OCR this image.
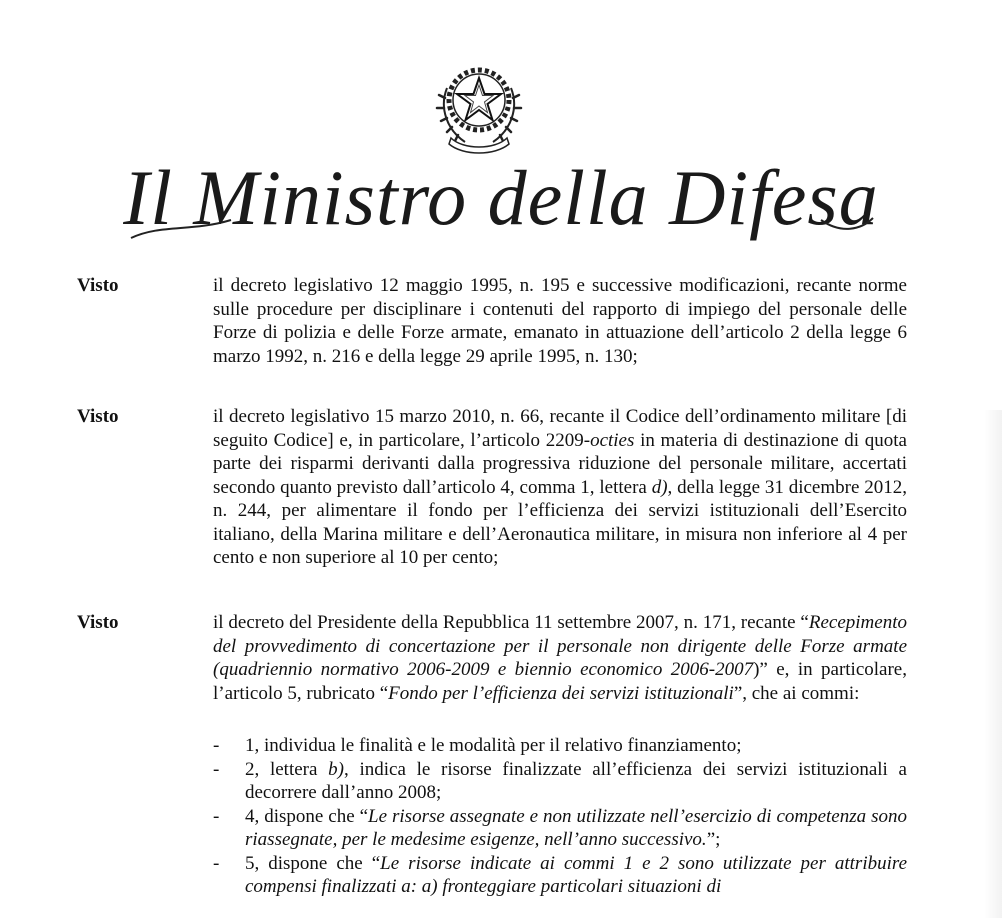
Il Ministro della Difesa
Visto	il decreto legislativo 12 maggio 1995, n. 195 e successive modificazioni, recante norme sulle procedure per disciplinare i contenuti del rapporto di impiego del personale delle Forze di polizia e delle Forze armate, emanato in attuazione dell’articolo 2 della legge 6 marzo 1992, n. 216 e della legge 29 aprile 1995, n. 130;
Visto	il decreto legislativo 15 marzo 2010, n. 66, recante il Codice dell’ordinamento militare [di seguito Codice] e, in particolare, l’articolo 2209-octies in materia di destinazione di quota parte dei risparmi derivanti dalla progressiva riduzione del personale militare, accertati secondo quanto previsto dall’articolo 4, comma 1, lettera d), della legge 31 dicembre 2012, n. 244, per alimentare il fondo per l’efficienza dei servizi istituzionali dell’Esercito italiano, della Marina militare e dell’Aeronautica militare, in misura non inferiore al 4 per cento e non superiore al 10 per cento;
Visto	il decreto del Presidente della Repubblica 11 settembre 2007, n. 171, recante “Recepimento del provvedimento di concertazione per il personale non dirigente delle Forze armate (quadriennio normativo 2006-2009 e biennio economico 2006-2007)” e, in particolare, l’articolo 5, rubricato “Fondo per l’efficienza dei servizi istituzionali”, che ai commi:
- 1, individua le finalità e le modalità per il relativo finanziamento;
- 2, lettera b), indica le risorse finalizzate all’efficienza dei servizi istituzionali a decorrere dall’anno 2008;
- 4, dispone che “Le risorse assegnate e non utilizzate nell’esercizio di competenza sono riassegnate, per le medesime esigenze, nell’anno successivo.”;
- 5, dispone che “Le risorse indicate ai commi 1 e 2 sono utilizzate per attribuire compensi finalizzati a: a) fronteggiare particolari situazioni di
